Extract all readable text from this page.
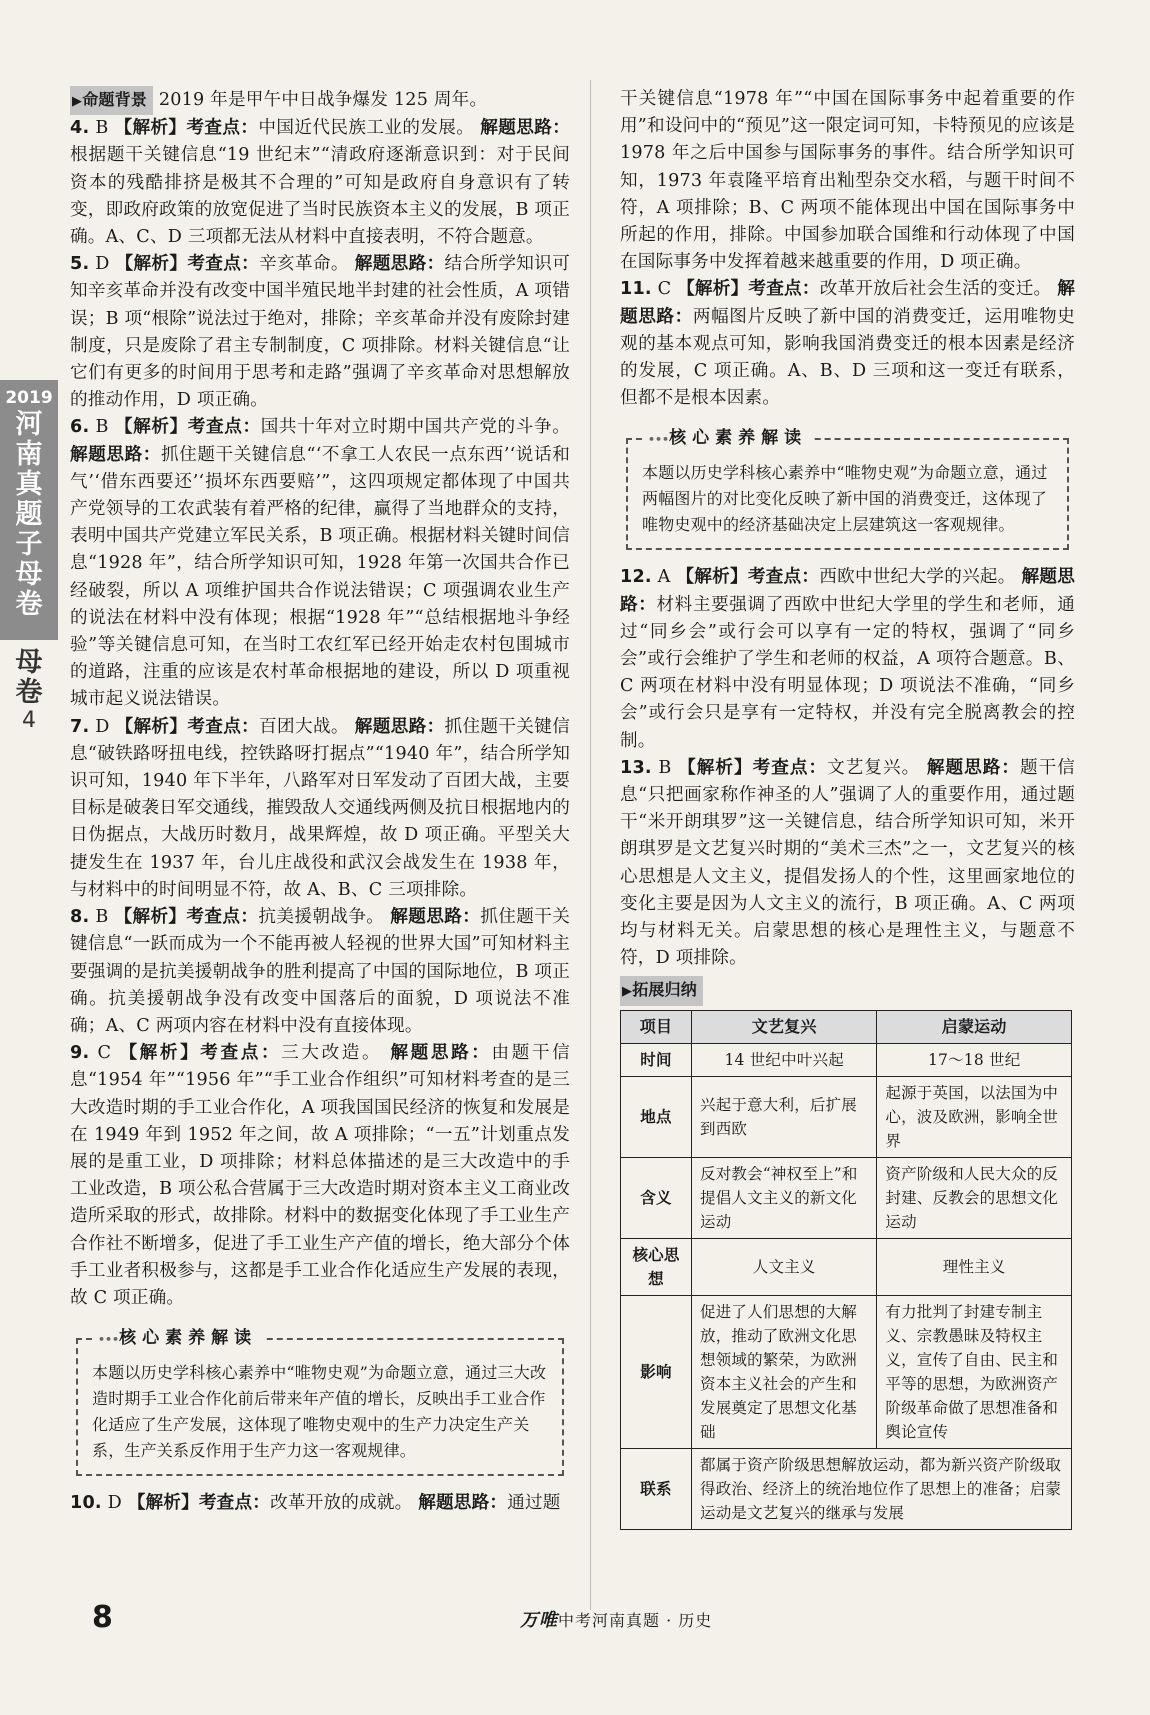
2019
河南真题子母卷
母卷
4
▶命题背景 2019 年是甲午中日战争爆发 125 周年。
4. B 【解析】考查点：中国近代民族工业的发展。 解题思路：根据题干关键信息“19 世纪末”“清政府逐渐意识到：对于民间资本的残酷排挤是极其不合理的”可知是政府自身意识有了转变，即政府政策的放宽促进了当时民族资本主义的发展，B 项正确。A、C、D 三项都无法从材料中直接表明，不符合题意。
5. D 【解析】考查点：辛亥革命。 解题思路：结合所学知识可知辛亥革命并没有改变中国半殖民地半封建的社会性质，A 项错误；B 项“根除”说法过于绝对，排除；辛亥革命并没有废除封建制度，只是废除了君主专制制度，C 项排除。材料关键信息“让它们有更多的时间用于思考和走路”强调了辛亥革命对思想解放的推动作用，D 项正确。
6. B 【解析】考查点：国共十年对立时期中国共产党的斗争。 解题思路：抓住题干关键信息“‘不拿工人农民一点东西’‘说话和气’‘借东西要还’‘损坏东西要赔’”，这四项规定都体现了中国共产党领导的工农武装有着严格的纪律，赢得了当地群众的支持，表明中国共产党建立军民关系，B 项正确。根据材料关键时间信息“1928 年”，结合所学知识可知，1928 年第一次国共合作已经破裂，所以 A 项维护国共合作说法错误；C 项强调农业生产的说法在材料中没有体现；根据“1928 年”“总结根据地斗争经验”等关键信息可知，在当时工农红军已经开始走农村包围城市的道路，注重的应该是农村革命根据地的建设，所以 D 项重视城市起义说法错误。
7. D 【解析】考查点：百团大战。 解题思路：抓住题干关键信息“破铁路呀扭电线，控铁路呀打据点”“1940 年”，结合所学知识可知，1940 年下半年，八路军对日军发动了百团大战，主要目标是破袭日军交通线，摧毁敌人交通线两侧及抗日根据地内的日伪据点，大战历时数月，战果辉煌，故 D 项正确。平型关大捷发生在 1937 年，台儿庄战役和武汉会战发生在 1938 年，与材料中的时间明显不符，故 A、B、C 三项排除。
8. B 【解析】考查点：抗美援朝战争。 解题思路：抓住题干关键信息“一跃而成为一个不能再被人轻视的世界大国”可知材料主要强调的是抗美援朝战争的胜利提高了中国的国际地位，B 项正确。抗美援朝战争没有改变中国落后的面貌，D 项说法不准确；A、C 两项内容在材料中没有直接体现。
9. C 【解析】考查点：三大改造。 解题思路：由题干信息“1954 年”“1956 年”“手工业合作组织”可知材料考查的是三大改造时期的手工业合作化，A 项我国国民经济的恢复和发展是在 1949 年到 1952 年之间，故 A 项排除；“一五”计划重点发展的是重工业，D 项排除；材料总体描述的是三大改造中的手工业改造，B 项公私合营属于三大改造时期对资本主义工商业改造所采取的形式，故排除。材料中的数据变化体现了手工业生产合作社不断增多，促进了手工业生产产值的增长，绝大部分个体手工业者积极参与，这都是手工业合作化适应生产发展的表现，故 C 项正确。
•••核心素养解读
本题以历史学科核心素养中“唯物史观”为命题立意，通过三大改造时期手工业合作化前后带来年产值的增长，反映出手工业合作化适应了生产发展，这体现了唯物史观中的生产力决定生产关系，生产关系反作用于生产力这一客观规律。
10. D 【解析】考查点：改革开放的成就。 解题思路：通过题
干关键信息“1978 年”“中国在国际事务中起着重要的作用”和设问中的“预见”这一限定词可知，卡特预见的应该是 1978 年之后中国参与国际事务的事件。结合所学知识可知，1973 年袁隆平培育出籼型杂交水稻，与题干时间不符，A 项排除；B、C 两项不能体现出中国在国际事务中所起的作用，排除。中国参加联合国维和行动体现了中国在国际事务中发挥着越来越重要的作用，D 项正确。
11. C 【解析】考查点：改革开放后社会生活的变迁。 解题思路：两幅图片反映了新中国的消费变迁，运用唯物史观的基本观点可知，影响我国消费变迁的根本因素是经济的发展，C 项正确。A、B、D 三项和这一变迁有联系，但都不是根本因素。
•••核心素养解读
本题以历史学科核心素养中“唯物史观”为命题立意，通过两幅图片的对比变化反映了新中国的消费变迁，这体现了唯物史观中的经济基础决定上层建筑这一客观规律。
12. A 【解析】考查点：西欧中世纪大学的兴起。 解题思路：材料主要强调了西欧中世纪大学里的学生和老师，通过“同乡会”或行会可以享有一定的特权，强调了“同乡会”或行会维护了学生和老师的权益，A 项符合题意。B、C 两项在材料中没有明显体现；D 项说法不准确，“同乡会”或行会只是享有一定特权，并没有完全脱离教会的控制。
13. B 【解析】考查点：文艺复兴。 解题思路：题干信息“只把画家称作神圣的人”强调了人的重要作用，通过题干“米开朗琪罗”这一关键信息，结合所学知识可知，米开朗琪罗是文艺复兴时期的“美术三杰”之一，文艺复兴的核心思想是人文主义，提倡发扬人的个性，这里画家地位的变化主要是因为人文主义的流行，B 项正确。A、C 两项均与材料无关。启蒙思想的核心是理性主义，与题意不符，D 项排除。
▶拓展归纳
项目	文艺复兴	启蒙运动
时间	14 世纪中叶兴起	17～18 世纪
地点	兴起于意大利，后扩展到西欧	起源于英国，以法国为中心，波及欧洲，影响全世界
含义	反对教会“神权至上”和提倡人文主义的新文化运动	资产阶级和人民大众的反封建、反教会的思想文化运动
核心思想	人文主义	理性主义
影响	促进了人们思想的大解放，推动了欧洲文化思想领域的繁荣，为欧洲资本主义社会的产生和发展奠定了思想文化基础	有力批判了封建专制主义、宗教愚昧及特权主义，宣传了自由、民主和平等的思想，为欧洲资产阶级革命做了思想准备和舆论宣传
联系	都属于资产阶级思想解放运动，都为新兴资产阶级取得政治、经济上的统治地位作了思想上的准备；启蒙运动是文艺复兴的继承与发展	
8	万唯中考河南真题 · 历史
